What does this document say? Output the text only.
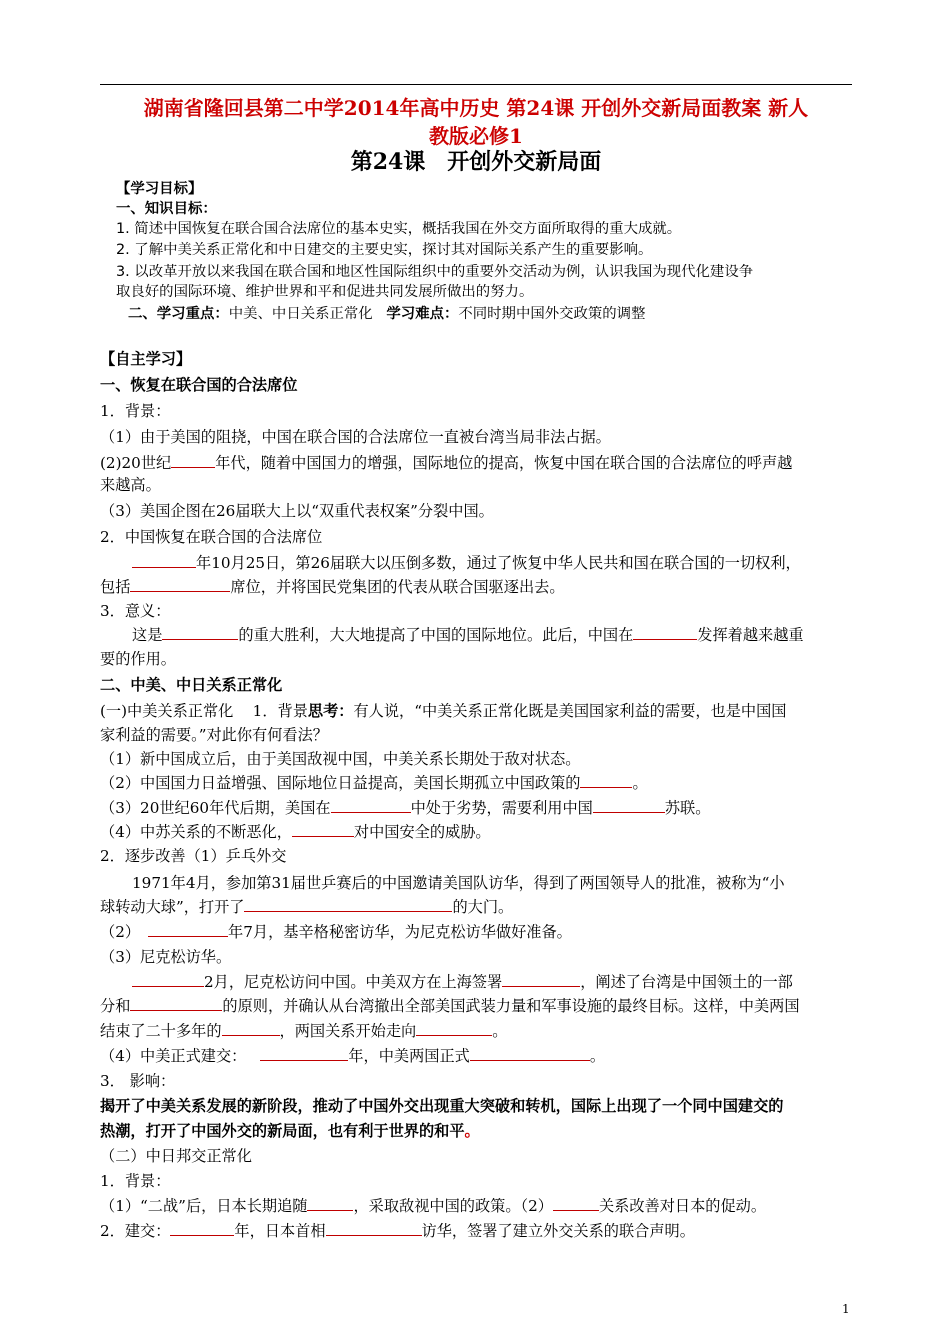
湖南省隆回县第二中学2014年高中历史 第24课 开创外交新局面教案 新人
教版必修1
第24课　开创外交新局面
【学习目标】
一、知识目标：
1. 简述中国恢复在联合国合法席位的基本史实，概括我国在外交方面所取得的重大成就。
2. 了解中美关系正常化和中日建交的主要史实，探讨其对国际关系产生的重要影响。
3. 以改革开放以来我国在联合国和地区性国际组织中的重要外交活动为例，认识我国为现代化建设争
取良好的国际环境、维护世界和平和促进共同发展所做出的努力。
二、学习重点：中美、中日关系正常化 学习难点：不同时期中国外交政策的调整
【自主学习】
一、恢复在联合国的合法席位
1．背景：
（1）由于美国的阻挠，中国在联合国的合法席位一直被台湾当局非法占据。
(2)20世纪	年代，随着中国国力的增强，国际地位的提高，恢复中国在联合国的合法席位的呼声越
来越高。
（3）美国企图在26届联大上以“双重代表权案”分裂中国。
2．中国恢复在联合国的合法席位
年10月25日，第26届联大以压倒多数，通过了恢复中华人民共和国在联合国的一切权利，
包括	席位，并将国民党集团的代表从联合国驱逐出去。
3．意义：
这是	的重大胜利，大大地提高了中国的国际地位。此后，中国在	发挥着越来越重
要的作用。
二、中美、中日关系正常化
(一)中美关系正常化 1．背景思考：有人说，“中美关系正常化既是美国国家利益的需要，也是中国国
家利益的需要。”对此你有何看法？
（1）新中国成立后，由于美国敌视中国，中美关系长期处于敌对状态。
（2）中国国力日益增强、国际地位日益提高，美国长期孤立中国政策的	。
（3）20世纪60年代后期，美国在	中处于劣势，需要利用中国	苏联。
（4）中苏关系的不断恶化，	对中国安全的威胁。
2．逐步改善（1）乒乓外交
1971年4月，参加第31届世乒赛后的中国邀请美国队访华，得到了两国领导人的批准，被称为“小
球转动大球”，打开了	的大门。
（2）	年7月，基辛格秘密访华，为尼克松访华做好准备。
（3）尼克松访华。
2月，尼克松访问中国。中美双方在上海签署	，阐述了台湾是中国领土的一部
分和	的原则，并确认从台湾撤出全部美国武装力量和军事设施的最终目标。这样，中美两国
结束了二十多年的	，两国关系开始走向	。
（4）中美正式建交：	年，中美两国正式	。
3． 影响：
揭开了中美关系发展的新阶段，推动了中国外交出现重大突破和转机，国际上出现了一个同中国建交的
热潮，打开了中国外交的新局面，也有利于世界的和平。
（二）中日邦交正常化
1．背景：
（1）“二战”后，日本长期追随	，采取敌视中国的政策。（2）	关系改善对日本的促动。
2．建交：	年，日本首相	访华，签署了建立外交关系的联合声明。
1
